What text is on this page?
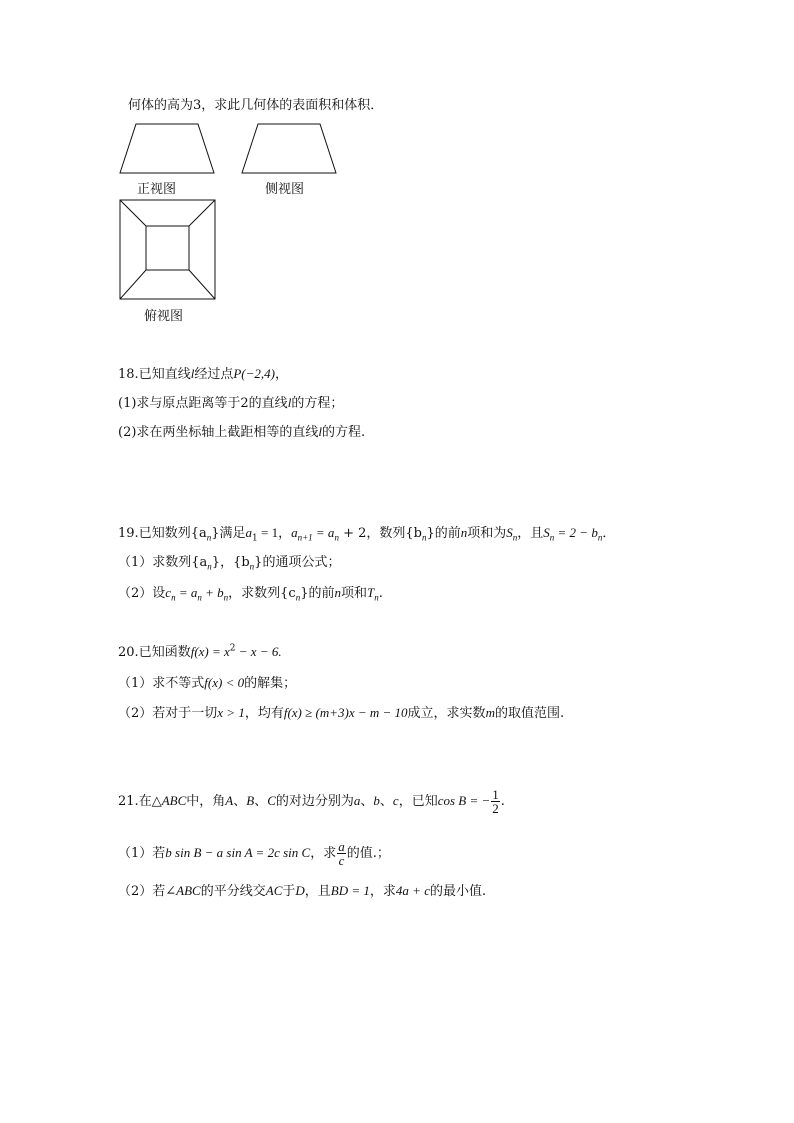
何体的高为3，求此几何体的表面积和体积．
正视图	侧视图
俯视图
18.已知直线l经过点P(−2,4)，
(1)求与原点距离等于2的直线l的方程；
(2)求在两坐标轴上截距相等的直线l的方程.
19.已知数列$\{a_n\}$满足$a_1 = 1$，$a_{n+1} = a_n + 2$，数列$\{b_n\}$的前n项和为$S_n$，且$S_n = 2 - b_n$．
（1）求数列$\{a_n\}$，$\{b_n\}$的通项公式；
（2）设$c_n = a_n + b_n$，求数列$\{c_n\}$的前n项和$T_n$.
20.已知函数$f(x) = x^2 - x - 6$.
（1）求不等式f(x) < 0的解集；
（2）若对于一切x > 1，均有f(x) ≥ (m+3)x − m − 10成立，求实数m的取值范围.
21.在△ABC中，角A、B、C的对边分别为a、b、c，已知cos B = − $\frac{1}{2}$ .
（1）若b sin B − a sin A = 2c sin C，求 $\frac{a}{c}$ 的值.；
（2）若∠ABC的平分线交AC于D，且BD = 1，求4a + c的最小值.
